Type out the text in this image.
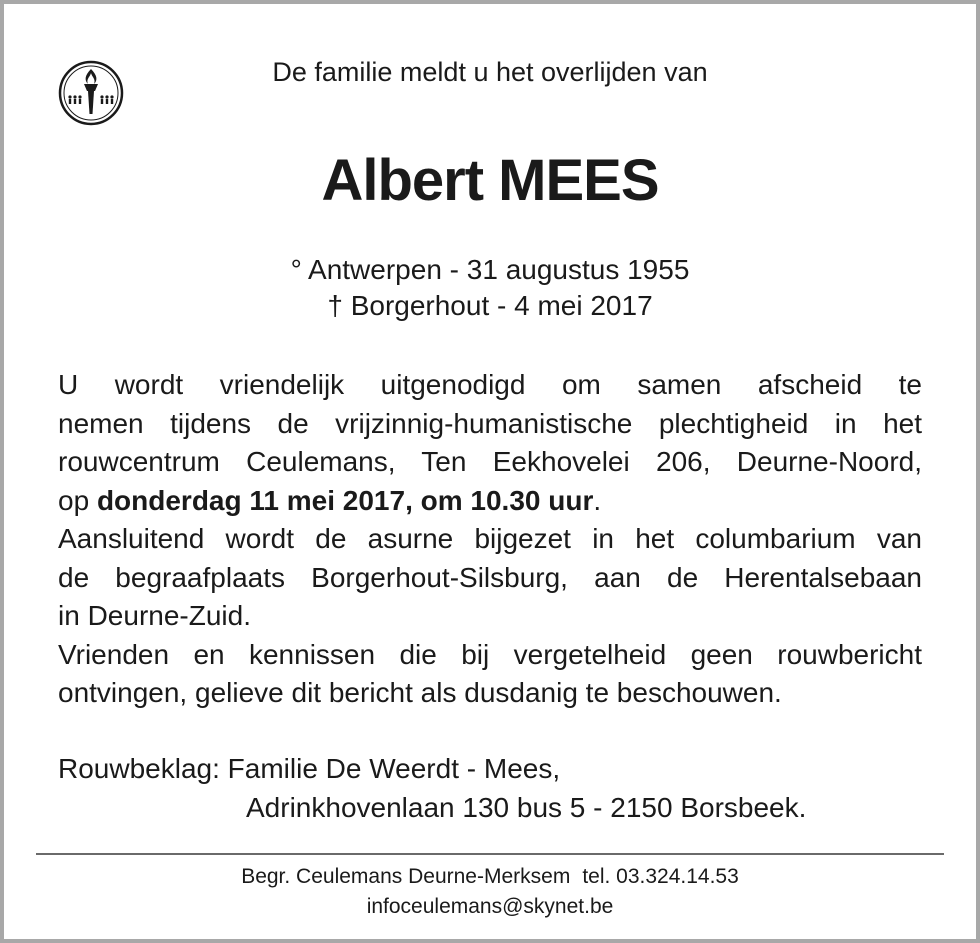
De familie meldt u het overlijden van
Albert MEES
° Antwerpen - 31 augustus 1955
† Borgerhout - 4 mei 2017
U wordt vriendelijk uitgenodigd om samen afscheid te
nemen tijdens de vrijzinnig-humanistische plechtigheid in het
rouwcentrum Ceulemans, Ten Eekhovelei 206, Deurne-Noord,
op donderdag 11 mei 2017, om 10.30 uur.
Aansluitend wordt de asurne bijgezet in het columbarium van
de begraafplaats Borgerhout-Silsburg, aan de Herentalsebaan
in Deurne-Zuid.
Vrienden en kennissen die bij vergetelheid geen rouwbericht
ontvingen, gelieve dit bericht als dusdanig te beschouwen.
Rouwbeklag: Familie De Weerdt - Mees,
Adrinkhovenlaan 130 bus 5 - 2150 Borsbeek.
Begr. Ceulemans Deurne-Merksem tel. 03.324.14.53
infoceulemans@skynet.be
